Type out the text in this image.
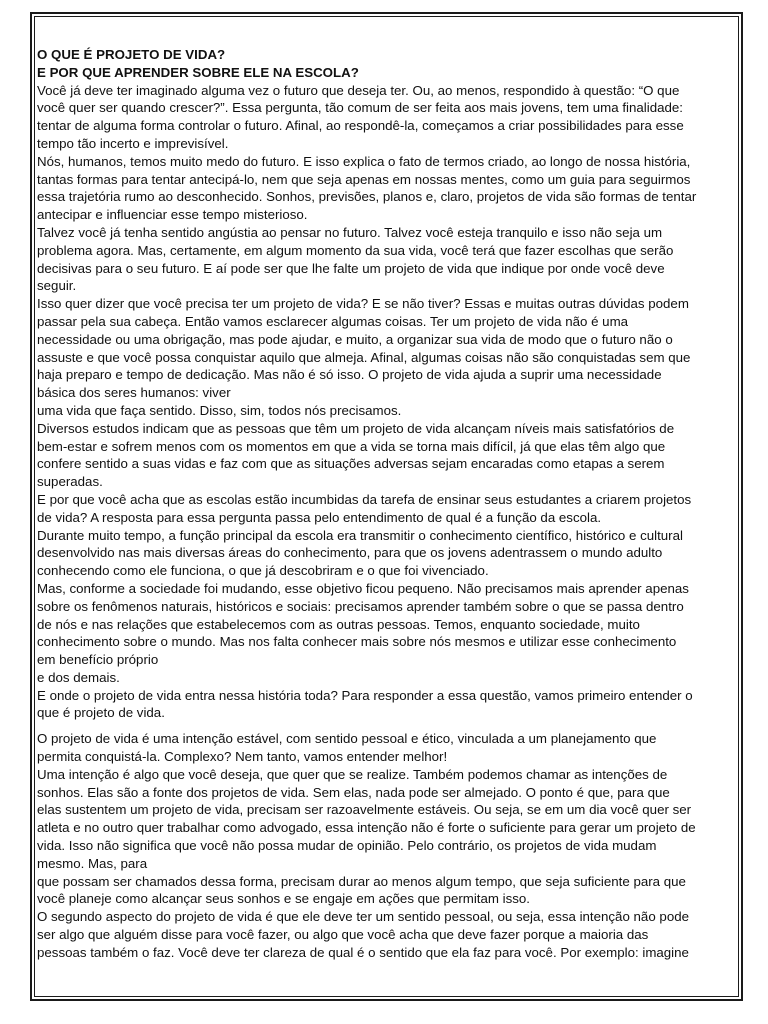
O QUE É PROJETO DE VIDA?
E POR QUE APRENDER SOBRE ELE NA ESCOLA?
Você já deve ter imaginado alguma vez o futuro que deseja ter. Ou, ao menos, respondido à questão: “O que
você quer ser quando crescer?”. Essa pergunta, tão comum de ser feita aos mais jovens, tem uma finalidade:
tentar de alguma forma controlar o futuro. Afinal, ao respondê-la, começamos a criar possibilidades para esse
tempo tão incerto e imprevisível.
Nós, humanos, temos muito medo do futuro. E isso explica o fato de termos criado, ao longo de nossa história,
tantas formas para tentar antecipá-lo, nem que seja apenas em nossas mentes, como um guia para seguirmos
essa trajetória rumo ao desconhecido. Sonhos, previsões, planos e, claro, projetos de vida são formas de tentar
antecipar e influenciar esse tempo misterioso.
Talvez você já tenha sentido angústia ao pensar no futuro. Talvez você esteja tranquilo e isso não seja um
problema agora. Mas, certamente, em algum momento da sua vida, você terá que fazer escolhas que serão
decisivas para o seu futuro. E aí pode ser que lhe falte um projeto de vida que indique por onde você deve
seguir.
Isso quer dizer que você precisa ter um projeto de vida? E se não tiver? Essas e muitas outras dúvidas podem
passar pela sua cabeça. Então vamos esclarecer algumas coisas. Ter um projeto de vida não é uma
necessidade ou uma obrigação, mas pode ajudar, e muito, a organizar sua vida de modo que o futuro não o
assuste e que você possa conquistar aquilo que almeja. Afinal, algumas coisas não são conquistadas sem que
haja preparo e tempo de dedicação. Mas não é só isso. O projeto de vida ajuda a suprir uma necessidade
básica dos seres humanos: viver
uma vida que faça sentido. Disso, sim, todos nós precisamos.
Diversos estudos indicam que as pessoas que têm um projeto de vida alcançam níveis mais satisfatórios de
bem-estar e sofrem menos com os momentos em que a vida se torna mais difícil, já que elas têm algo que
confere sentido a suas vidas e faz com que as situações adversas sejam encaradas como etapas a serem
superadas.
E por que você acha que as escolas estão incumbidas da tarefa de ensinar seus estudantes a criarem projetos
de vida? A resposta para essa pergunta passa pelo entendimento de qual é a função da escola.
Durante muito tempo, a função principal da escola era transmitir o conhecimento científico, histórico e cultural
desenvolvido nas mais diversas áreas do conhecimento, para que os jovens adentrassem o mundo adulto
conhecendo como ele funciona, o que já descobriram e o que foi vivenciado.
Mas, conforme a sociedade foi mudando, esse objetivo ficou pequeno. Não precisamos mais aprender apenas
sobre os fenômenos naturais, históricos e sociais: precisamos aprender também sobre o que se passa dentro
de nós e nas relações que estabelecemos com as outras pessoas. Temos, enquanto sociedade, muito
conhecimento sobre o mundo. Mas nos falta conhecer mais sobre nós mesmos e utilizar esse conhecimento
em benefício próprio
e dos demais.
E onde o projeto de vida entra nessa história toda? Para responder a essa questão, vamos primeiro entender o
que é projeto de vida.
O projeto de vida é uma intenção estável, com sentido pessoal e ético, vinculada a um planejamento que
permita conquistá-la. Complexo? Nem tanto, vamos entender melhor!
Uma intenção é algo que você deseja, que quer que se realize. Também podemos chamar as intenções de
sonhos. Elas são a fonte dos projetos de vida. Sem elas, nada pode ser almejado. O ponto é que, para que
elas sustentem um projeto de vida, precisam ser razoavelmente estáveis. Ou seja, se em um dia você quer ser
atleta e no outro quer trabalhar como advogado, essa intenção não é forte o suficiente para gerar um projeto de
vida. Isso não significa que você não possa mudar de opinião. Pelo contrário, os projetos de vida mudam
mesmo. Mas, para
que possam ser chamados dessa forma, precisam durar ao menos algum tempo, que seja suficiente para que
você planeje como alcançar seus sonhos e se engaje em ações que permitam isso.
O segundo aspecto do projeto de vida é que ele deve ter um sentido pessoal, ou seja, essa intenção não pode
ser algo que alguém disse para você fazer, ou algo que você acha que deve fazer porque a maioria das
pessoas também o faz. Você deve ter clareza de qual é o sentido que ela faz para você. Por exemplo: imagine
